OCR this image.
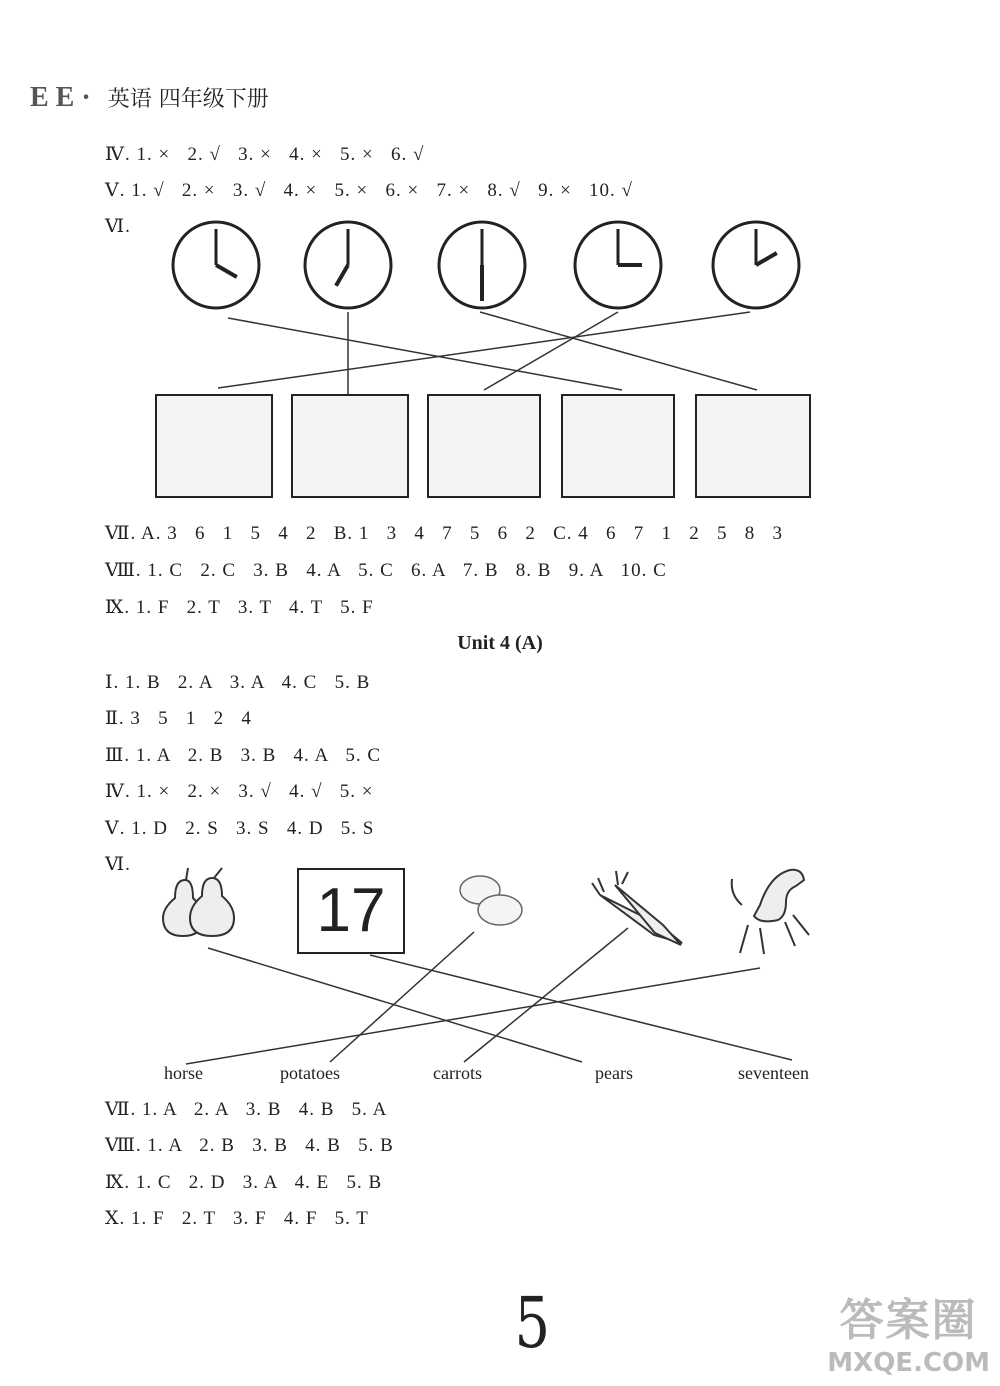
E E · 英语 四年级下册
Ⅳ. 1. ×   2. √   3. ×   4. ×   5. ×   6. √
Ⅴ. 1. √   2. ×   3. √   4. ×   5. ×   6. ×   7. ×   8. √   9. ×   10. √
Ⅵ.
Ⅶ. A. 3   6   1   5   4   2   B. 1   3   4   7   5   6   2   C. 4   6   7   1   2   5   8   3
Ⅷ. 1. C   2. C   3. B   4. A   5. C   6. A   7. B   8. B   9. A   10. C
Ⅸ. 1. F   2. T   3. T   4. T   5. F
Unit 4 (A)
Ⅰ. 1. B   2. A   3. A   4. C   5. B
Ⅱ. 3   5   1   2   4
Ⅲ. 1. A   2. B   3. B   4. A   5. C
Ⅳ. 1. ×   2. ×   3. √   4. √   5. ×
Ⅴ. 1. D   2. S   3. S   4. D   5. S
Ⅵ.
17
horse	potatoes	carrots	pears	seventeen
Ⅶ. 1. A   2. A   3. B   4. B   5. A
Ⅷ. 1. A   2. B   3. B   4. B   5. B
Ⅸ. 1. C   2. D   3. A   4. E   5. B
Ⅹ. 1. F   2. T   3. F   4. F   5. T
5	答案圈
MXQE.COM
